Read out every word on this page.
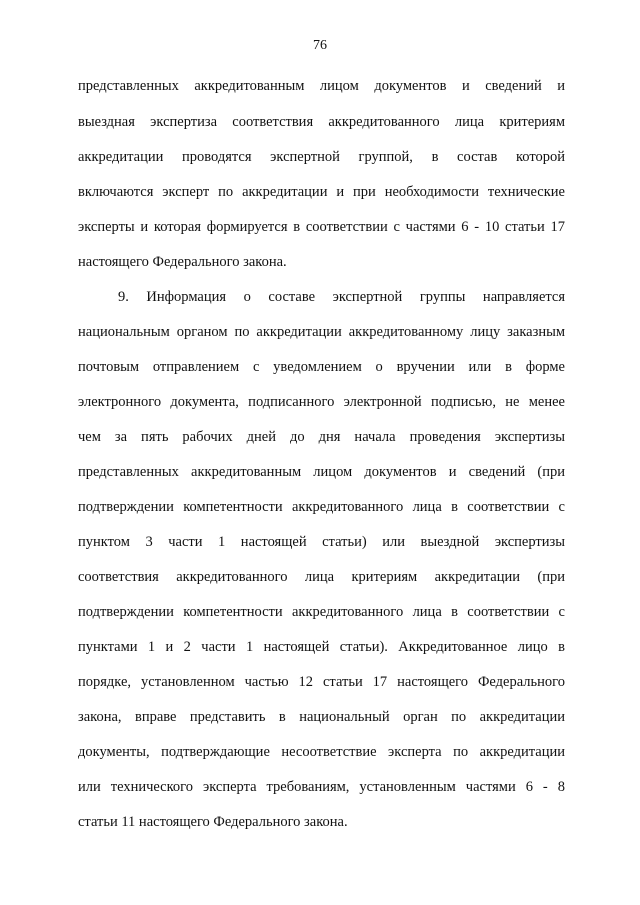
76
представленных аккредитованным лицом документов и сведений и
выездная экспертиза соответствия аккредитованного лица критериям
аккредитации проводятся экспертной группой, в состав которой
включаются эксперт по аккредитации и при необходимости технические
эксперты и которая формируется в соответствии с частями 6 - 10 статьи 17
настоящего Федерального закона.
9. Информация о составе экспертной группы направляется
национальным органом по аккредитации аккредитованному лицу заказным
почтовым отправлением с уведомлением о вручении или в форме
электронного документа, подписанного электронной подписью, не менее
чем за пять рабочих дней до дня начала проведения экспертизы
представленных аккредитованным лицом документов и сведений (при
подтверждении компетентности аккредитованного лица в соответствии с
пунктом 3 части 1 настоящей статьи) или выездной экспертизы
соответствия аккредитованного лица критериям аккредитации (при
подтверждении компетентности аккредитованного лица в соответствии с
пунктами 1 и 2 части 1 настоящей статьи). Аккредитованное лицо в
порядке, установленном частью 12 статьи 17 настоящего Федерального
закона, вправе представить в национальный орган по аккредитации
документы, подтверждающие несоответствие эксперта по аккредитации
или технического эксперта требованиям, установленным частями 6 - 8
статьи 11 настоящего Федерального закона.
